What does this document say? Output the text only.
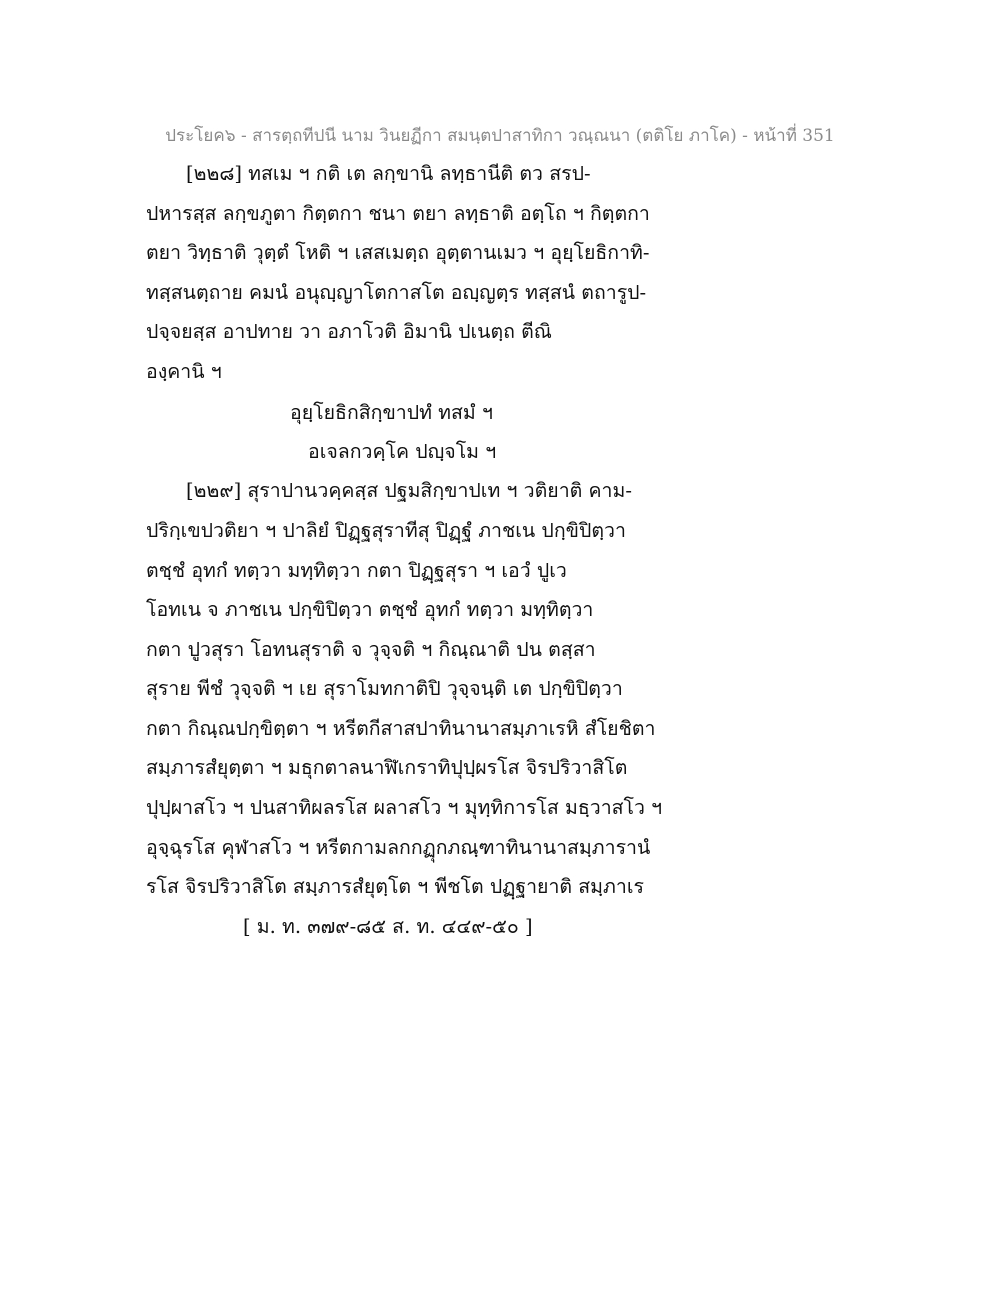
ประโยค๖ - สารตฺถทีปนี นาม วินยฏีกา สมนฺตปาสาทิกา วณฺณนา (ตติโย ภาโค) - หน้าที่ 351
[๒๒๘] ทสเม ฯ กติ เต ลกฺขานิ ลทฺธานีติ ตว สรป-
ปหารสฺส ลกฺขภูตา กิตฺตกา ชนา ตยา ลทฺธาติ อตฺโถ ฯ กิตฺตกา
ตยา วิทฺธาติ วุตฺตํ โหติ ฯ เสสเมตฺถ อุตฺตานเมว ฯ อุยฺโยธิกาทิ-
ทสฺสนตฺถาย คมนํ อนุญฺญาโตกาสโต อญฺญตฺร ทสฺสนํ ตถารูป-
ปจฺจยสฺส อาปทาย วา อภาโวติ อิมานิ ปเนตฺถ ตีณิ
องฺคานิ ฯ
อุยฺโยธิกสิกฺขาปทํ ทสมํ ฯ
อเจลกวคฺโค ปญฺจโม ฯ
[๒๒๙] สุราปานวคฺคสฺส ปฐมสิกฺขาปเท ฯ วติยาติ คาม-
ปริกฺเขปวติยา ฯ ปาลิยํ ปิฏฺฐสุราทีสุ ปิฏฺฐํ ภาชเน ปกฺขิปิตฺวา
ตชฺชํ อุทกํ ทตฺวา มทฺทิตฺวา กตา ปิฏฺฐสุรา ฯ เอวํ ปูเว
โอทเน จ ภาชเน ปกฺขิปิตฺวา ตชฺชํ อุทกํ ทตฺวา มทฺทิตฺวา
กตา ปูวสุรา โอทนสุราติ จ วุจฺจติ ฯ กิณฺณาติ ปน ตสฺสา
สุราย พีชํ วุจฺจติ ฯ เย สุราโมทกาติปิ วุจฺจนฺติ เต ปกฺขิปิตฺวา
กตา กิณฺณปกฺขิตฺตา ฯ หรีตกีสาสปาทินานาสมฺภาเรหิ สํโยชิตา
สมฺภารสํยุตฺตา ฯ มธุกตาลนาฬิเกราทิปุปฺผรโส จิรปริวาสิโต
ปุปฺผาสโว ฯ ปนสาทิผลรโส ผลาสโว ฯ มุทฺทิการโส มธฺวาสโว ฯ
อุจฺฉุรโส คุฬาสโว ฯ หรีตกามลกกฏุกภณฺฑาทินานาสมฺภารานํ
รโส จิรปริวาสิโต สมฺภารสํยุตฺโต ฯ พีชโต ปฏฺฐายาติ สมฺภาเร
[ ม. ท. ๓๗๙-๘๕ ส. ท. ๔๔๙-๕๐ ]
